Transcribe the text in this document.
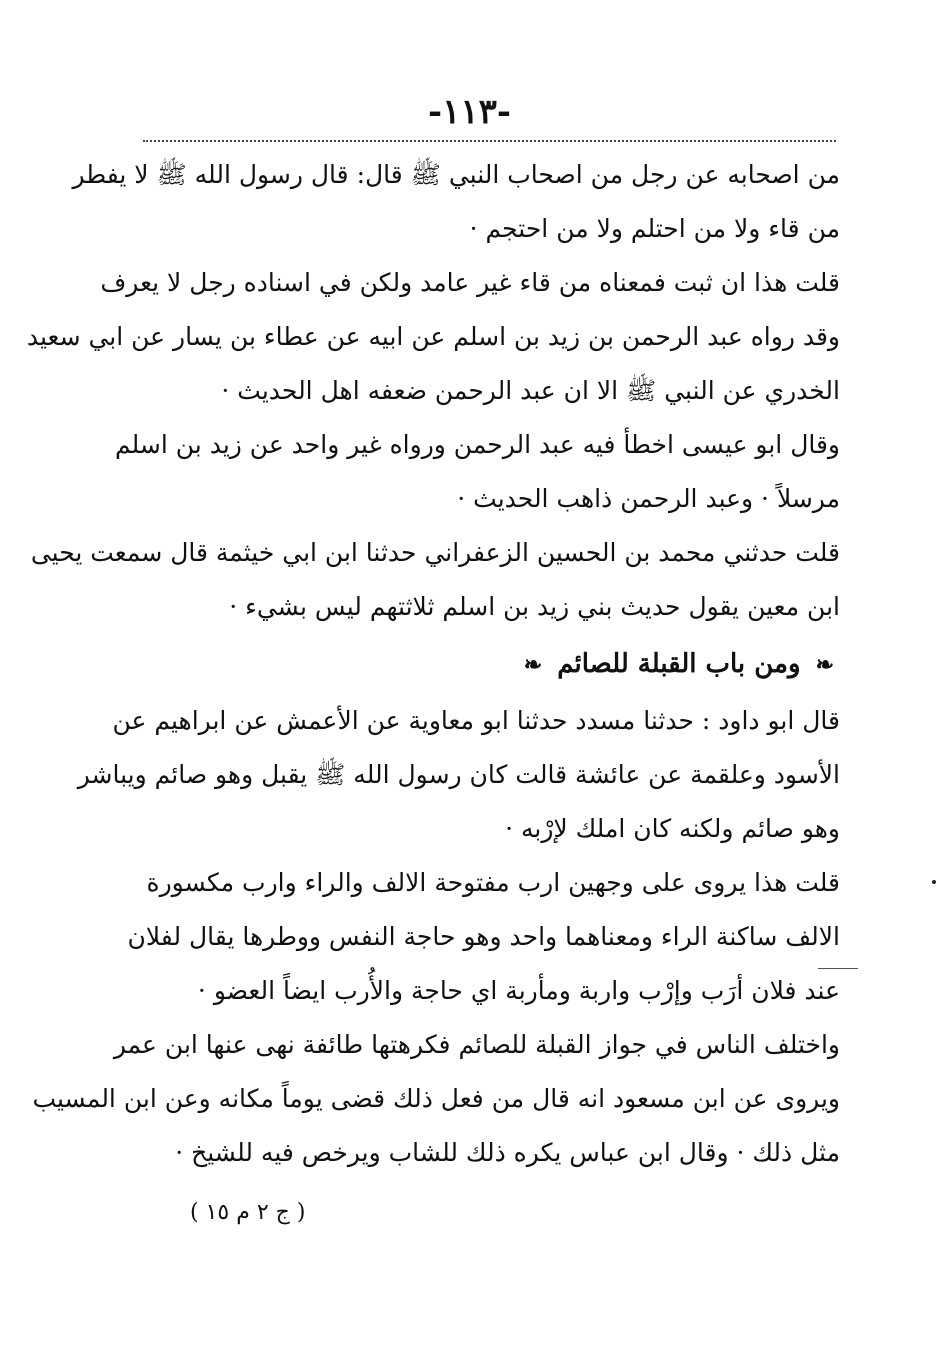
-١١٣-
من اصحابه عن رجل من اصحاب النبي ﷺ قال: قال رسول الله ﷺ لا يفطر
من قاء ولا من احتلم ولا من احتجم ·
قلت هذا ان ثبت فمعناه من قاء غير عامد ولكن في اسناده رجل لا يعرف
وقد رواه عبد الرحمن بن زيد بن اسلم عن ابيه عن عطاء بن يسار عن ابي سعيد
الخدري عن النبي ﷺ الا ان عبد الرحمن ضعفه اهل الحديث ·
وقال ابو عيسى اخطأ فيه عبد الرحمن ورواه غير واحد عن زيد بن اسلم
مرسلاً · وعبد الرحمن ذاهب الحديث ·
قلت حدثني محمد بن الحسين الزعفراني حدثنا ابن ابي خيثمة قال سمعت يحيى
ابن معين يقول حديث بني زيد بن اسلم ثلاثتهم ليس بشيء ·
❧ ومن باب القبلة للصائم ❧
قال ابو داود : حدثنا مسدد حدثنا ابو معاوية عن الأعمش عن ابراهيم عن
الأسود وعلقمة عن عائشة قالت كان رسول الله ﷺ يقبل وهو صائم ويباشر
وهو صائم ولكنه كان املك لإرْبه ·
قلت هذا يروى على وجهين ارب مفتوحة الالف والراء وارب مكسورة
الالف ساكنة الراء ومعناهما واحد وهو حاجة النفس ووطرها يقال لفلان
عند فلان أرَب وإرْب واربة ومأربة اي حاجة والأُرب ايضاً العضو ·
واختلف الناس في جواز القبلة للصائم فكرهتها طائفة نهى عنها ابن عمر
ويروى عن ابن مسعود انه قال من فعل ذلك قضى يوماً مكانه وعن ابن المسيب
مثل ذلك · وقال ابن عباس يكره ذلك للشاب ويرخص فيه للشيخ ·
( ج ٢ م ١٥ )
